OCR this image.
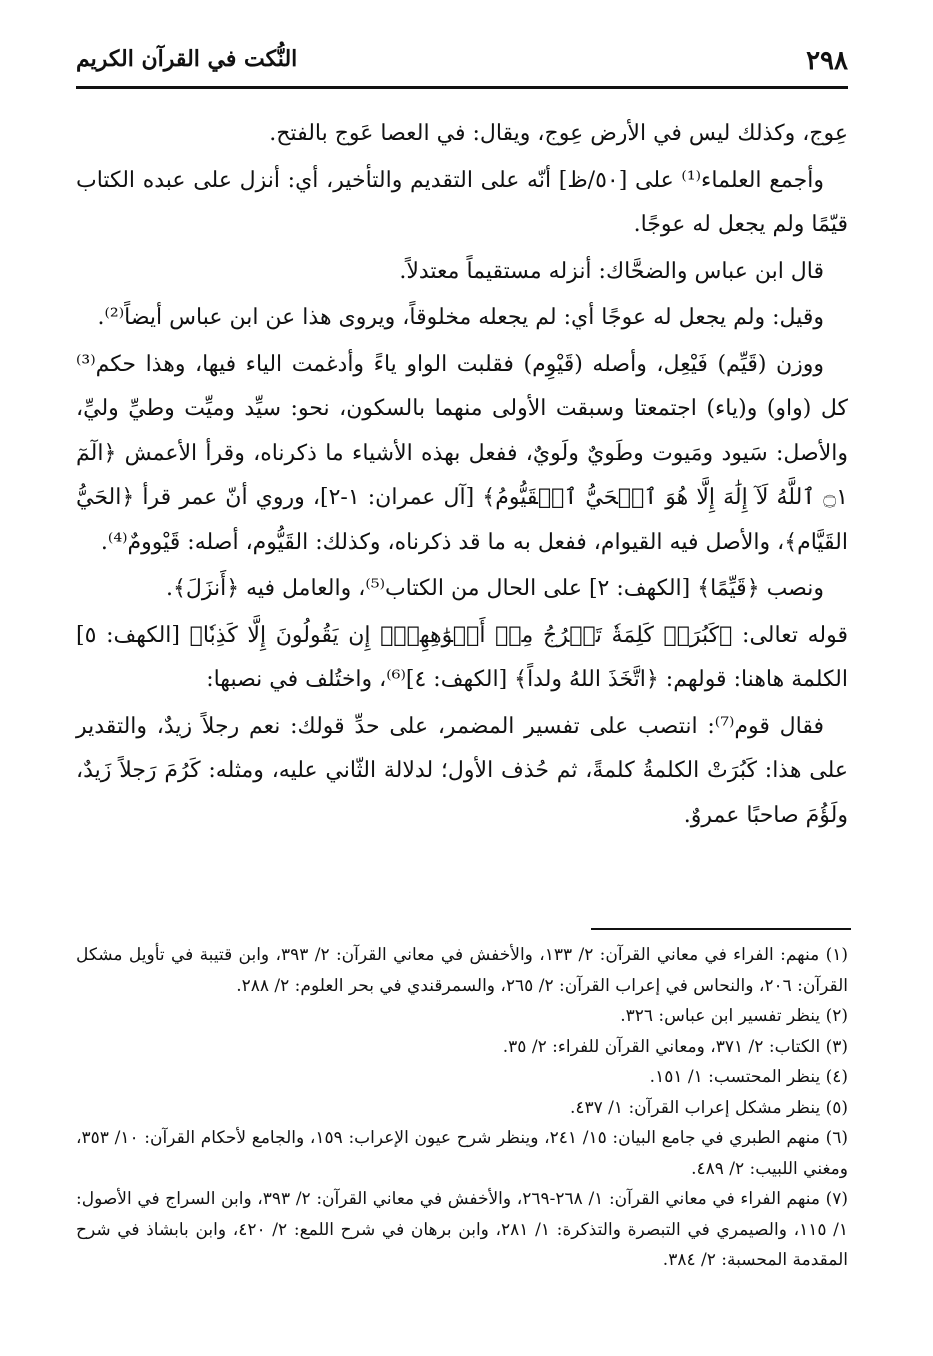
٢٩٨
النُّكت في القرآن الكريم

عِوج، وكذلك ليس في الأرض عِوج، ويقال: في العصا عَوج بالفتح.

وأجمع العلماء⁽¹⁾ على [٥٠/ظ] أنّه على التقديم والتأخير، أي: أنزل على عبده الكتاب قيّمًا ولم يجعل له عوجًا.

قال ابن عباس والضحَّاك: أنزله مستقيماً معتدلاً.

وقيل: ولم يجعل له عوجًا أي: لم يجعله مخلوقاً، ويروى هذا عن ابن عباس أيضاً⁽²⁾.

ووزن (قَيِّم) فَيْعِل، وأصله (قَيْوِم) فقلبت الواو ياءً وأدغمت الياء فيها، وهذا حكم⁽³⁾ كل (واو) و(ياء) اجتمعتا وسبقت الأولى منهما بالسكون، نحو: سيِّد وميِّت وطيِّ وليِّ، والأصل: سَيود ومَيوت وطَويٌ ولَويٌ، ففعل بهذه الأشياء ما ذكرناه، وقرأ الأعمش ﴿الٓمٓ ۝١ ٱللَّهُ لَآ إِلَٰهَ إِلَّا هُوَ ٱلۡحَيُّ ٱلۡقَيُّومُ﴾ [آل عمران: ١-٢]، وروي أنّ عمر قرأ ﴿الحَيُّ القَيَّام﴾، والأصل فيه القيوام، ففعل به ما قد ذكرناه، وكذلك: القَيُّوم، أصله: قَيْوومٌ⁽⁴⁾.

ونصب ﴿قَيِّمًا﴾ [الكهف: ٢] على الحال من الكتاب⁽⁵⁾، والعامل فيه ﴿أَنزَلَ﴾.

قوله تعالى: ﴿كَبُرَتۡ كَلِمَةٗ تَخۡرُجُ مِنۡ أَفۡوَٰهِهِمۡۚ إِن يَقُولُونَ إِلَّا كَذِبٗا﴾ [الكهف: ٥] الكلمة هاهنا: قولهم: ﴿اتَّخَذَ اللهُ ولداً﴾ [الكهف: ٤]⁽⁶⁾، واختُلف في نصبها:

فقال قوم⁽⁷⁾: انتصب على تفسير المضمر، على حدِّ قولك: نعم رجلاً زيدٌ، والتقدير على هذا: كَبُرَتْ الكلمةُ كلمةً، ثم حُذف الأول؛ لدلالة الثّاني عليه، ومثله: كَرُمَ رَجلاً زَيدٌ، ولَؤُمَ صاحبًا عمروٌ.

(١) منهم: الفراء في معاني القرآن: ٢/ ١٣٣، والأخفش في معاني القرآن: ٢/ ٣٩٣، وابن قتيبة في تأويل مشكل القرآن: ٢٠٦، والنحاس في إعراب القرآن: ٢/ ٢٦٥، والسمرقندي في بحر العلوم: ٢/ ٢٨٨.

(٢) ينظر تفسير ابن عباس: ٣٢٦.

(٣) الكتاب: ٢/ ٣٧١، ومعاني القرآن للفراء: ٢/ ٣٥.

(٤) ينظر المحتسب: ١/ ١٥١.

(٥) ينظر مشكل إعراب القرآن: ١/ ٤٣٧.

(٦) منهم الطبري في جامع البيان: ١٥/ ٢٤١، وينظر شرح عيون الإعراب: ١٥٩، والجامع لأحكام القرآن: ١٠/ ٣٥٣، ومغني اللبيب: ٢/ ٤٨٩.

(٧) منهم الفراء في معاني القرآن: ١/ ٢٦٨-٢٦٩، والأخفش في معاني القرآن: ٢/ ٣٩٣، وابن السراج في الأصول: ١/ ١١٥، والصيمري في التبصرة والتذكرة: ١/ ٢٨١، وابن برهان في شرح اللمع: ٢/ ٤٢٠، وابن بابشاذ في شرح المقدمة المحسبة: ٢/ ٣٨٤.
